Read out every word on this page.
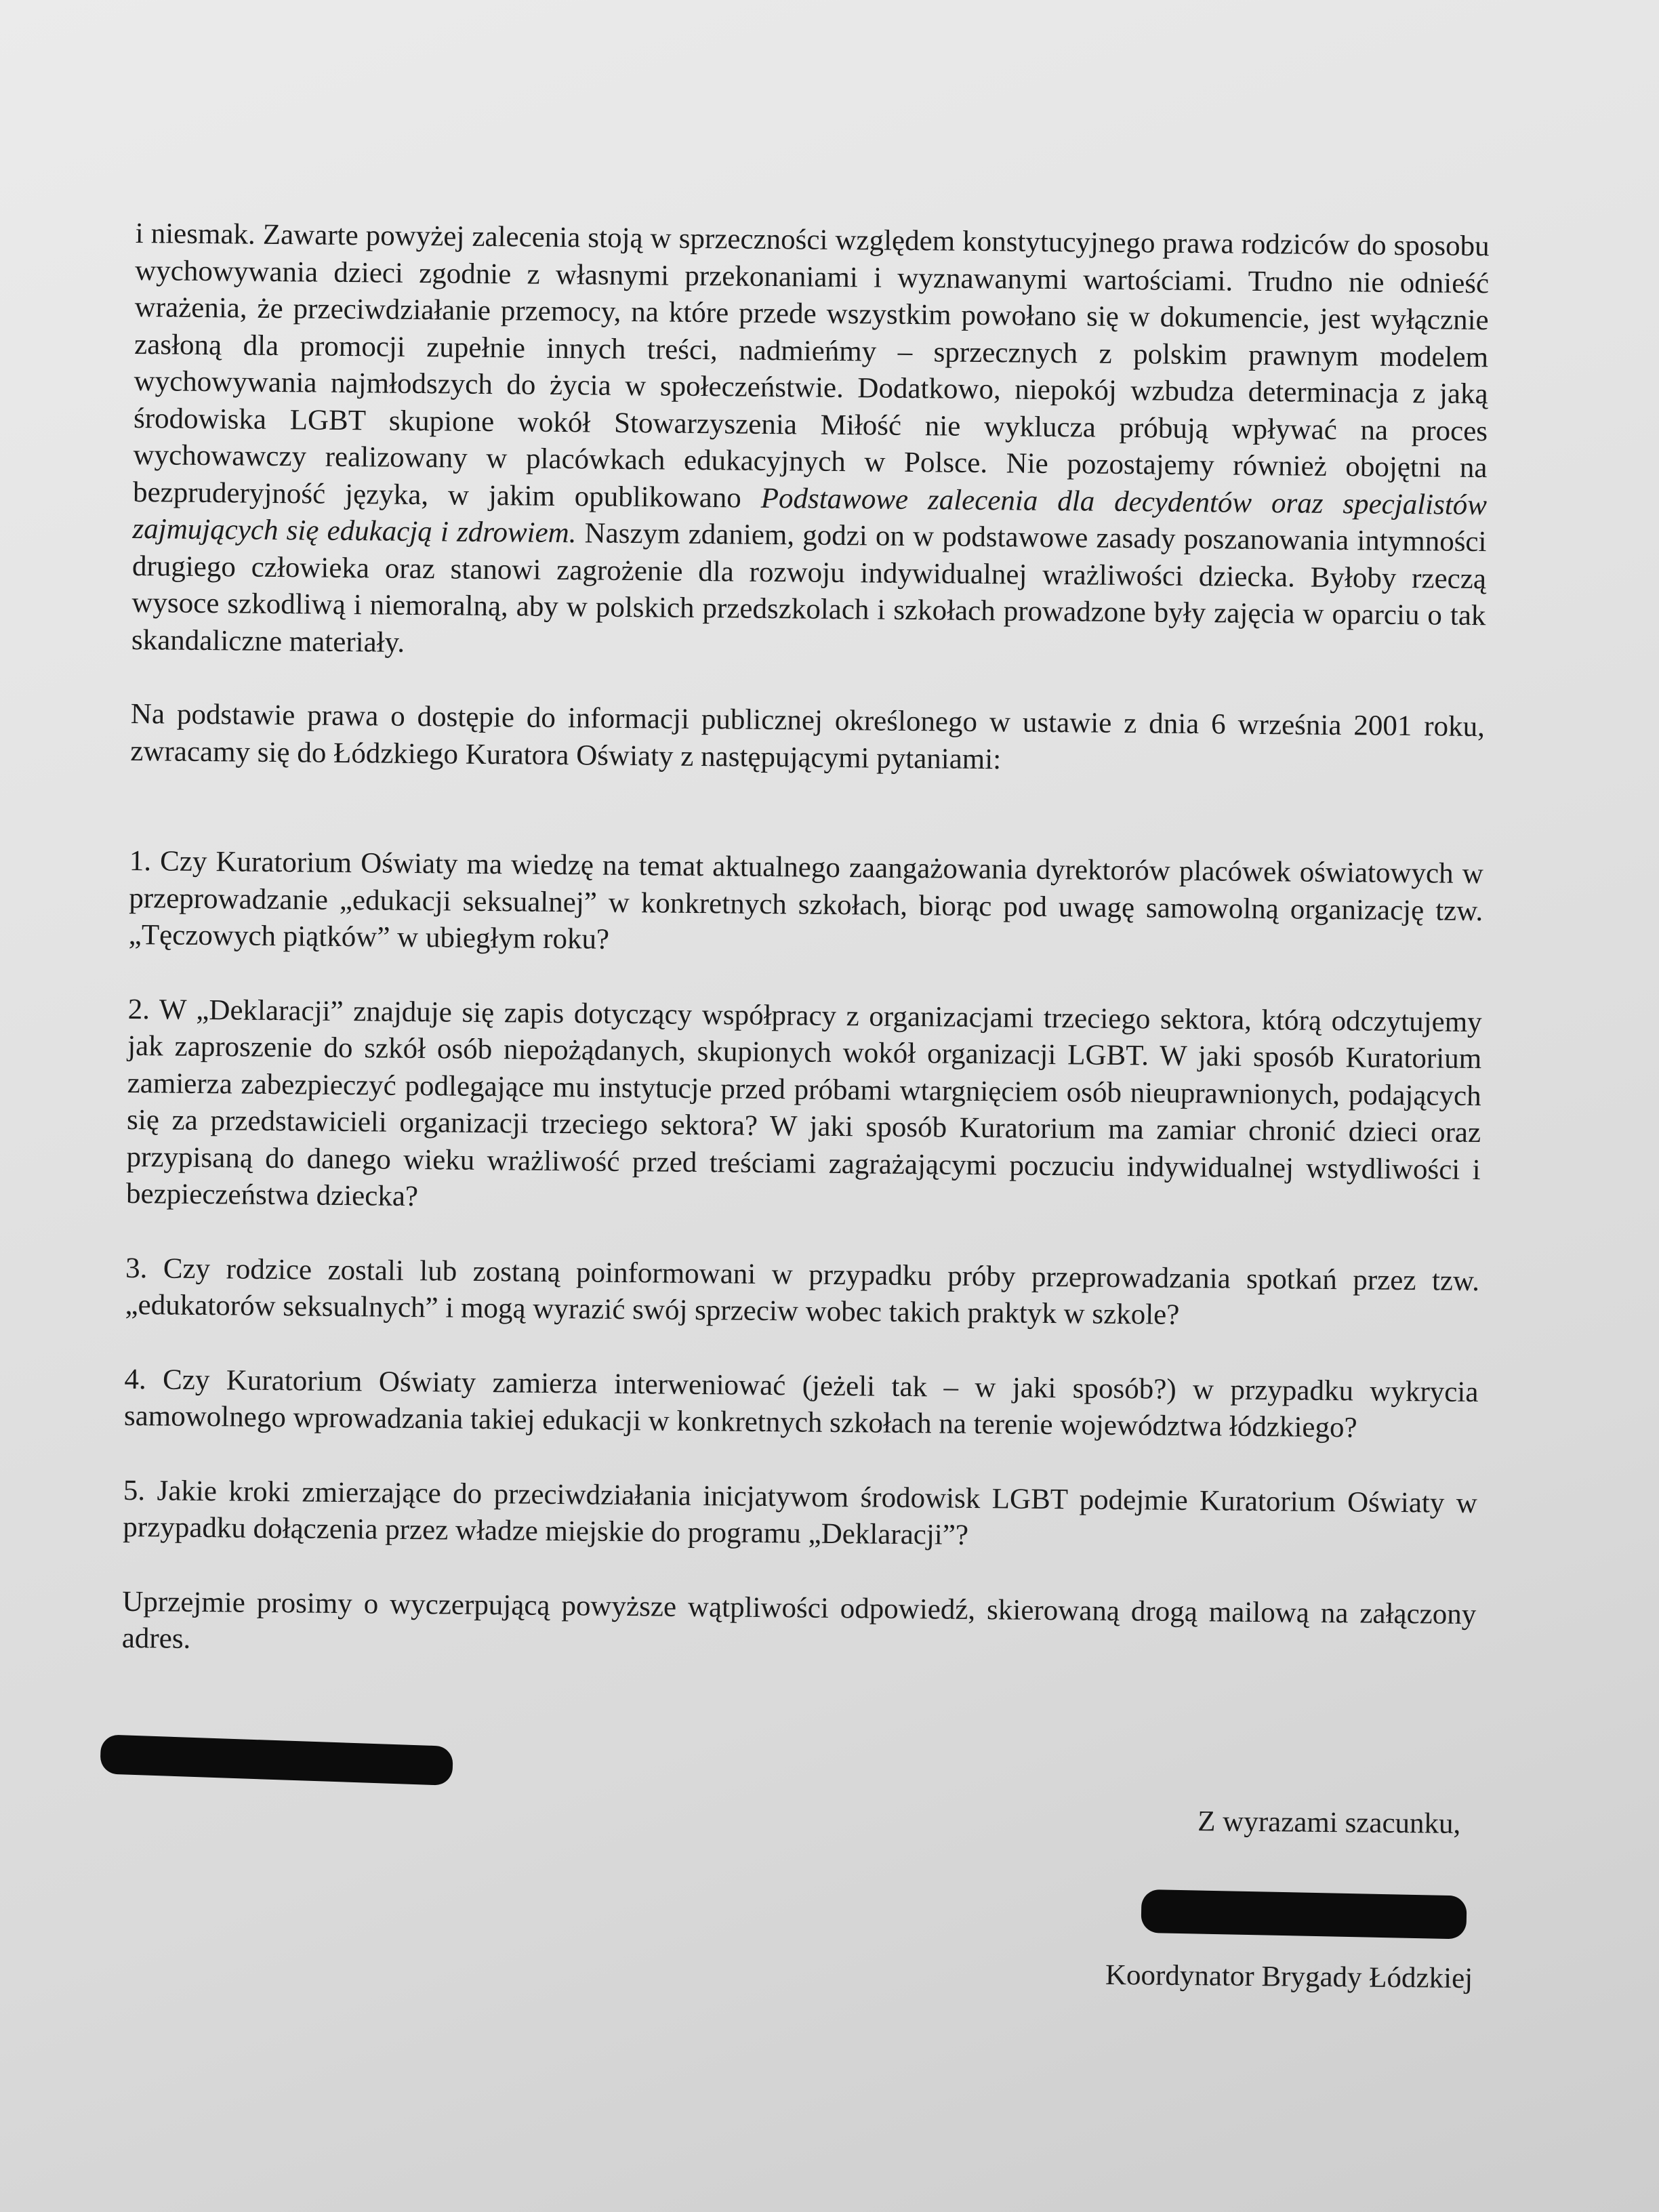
i niesmak. Zawarte powyżej zalecenia stoją w sprzeczności względem konstytucyjnego prawa rodziców do sposobu wychowywania dzieci zgodnie z własnymi przekonaniami i wyznawanymi wartościami. Trudno nie odnieść wrażenia, że przeciwdziałanie przemocy, na które przede wszystkim powołano się w dokumencie, jest wyłącznie zasłoną dla promocji zupełnie innych treści, nadmieńmy – sprzecznych z polskim prawnym modelem wychowywania najmłodszych do życia w społeczeństwie. Dodatkowo, niepokój wzbudza determinacja z jaką środowiska LGBT skupione wokół Stowarzyszenia Miłość nie wyklucza próbują wpływać na proces wychowawczy realizowany w placówkach edukacyjnych w Polsce. Nie pozostajemy również obojętni na bezpruderyjność języka, w jakim opublikowano Podstawowe zalecenia dla decydentów oraz specjalistów zajmujących się edukacją i zdrowiem. Naszym zdaniem, godzi on w podstawowe zasady poszanowania intymności drugiego człowieka oraz stanowi zagrożenie dla rozwoju indywidualnej wrażliwości dziecka. Byłoby rzeczą wysoce szkodliwą i niemoralną, aby w polskich przedszkolach i szkołach prowadzone były zajęcia w oparciu o tak skandaliczne materiały.

Na podstawie prawa o dostępie do informacji publicznej określonego w ustawie z dnia 6 września 2001 roku, zwracamy się do Łódzkiego Kuratora Oświaty z następującymi pytaniami:

1. Czy Kuratorium Oświaty ma wiedzę na temat aktualnego zaangażowania dyrektorów placówek oświatowych w przeprowadzanie „edukacji seksualnej” w konkretnych szkołach, biorąc pod uwagę samowolną organizację tzw. „Tęczowych piątków” w ubiegłym roku?

2. W „Deklaracji” znajduje się zapis dotyczący współpracy z organizacjami trzeciego sektora, którą odczytujemy jak zaproszenie do szkół osób niepożądanych, skupionych wokół organizacji LGBT. W jaki sposób Kuratorium zamierza zabezpieczyć podlegające mu instytucje przed próbami wtargnięciem osób nieuprawnionych, podających się za przedstawicieli organizacji trzeciego sektora? W jaki sposób Kuratorium ma zamiar chronić dzieci oraz przypisaną do danego wieku wrażliwość przed treściami zagrażającymi poczuciu indywidualnej wstydliwości i bezpieczeństwa dziecka?

3. Czy rodzice zostali lub zostaną poinformowani w przypadku próby przeprowadzania spotkań przez tzw. „edukatorów seksualnych” i mogą wyrazić swój sprzeciw wobec takich praktyk w szkole?

4. Czy Kuratorium Oświaty zamierza interweniować (jeżeli tak – w jaki sposób?) w przypadku wykrycia samowolnego wprowadzania takiej edukacji w konkretnych szkołach na terenie województwa łódzkiego?

5. Jakie kroki zmierzające do przeciwdziałania inicjatywom środowisk LGBT podejmie Kuratorium Oświaty w przypadku dołączenia przez władze miejskie do programu „Deklaracji”?

Uprzejmie prosimy o wyczerpującą powyższe wątpliwości odpowiedź, skierowaną drogą mailową na załączony adres.

Z wyrazami szacunku,
Koordynator Brygady Łódzkiej
